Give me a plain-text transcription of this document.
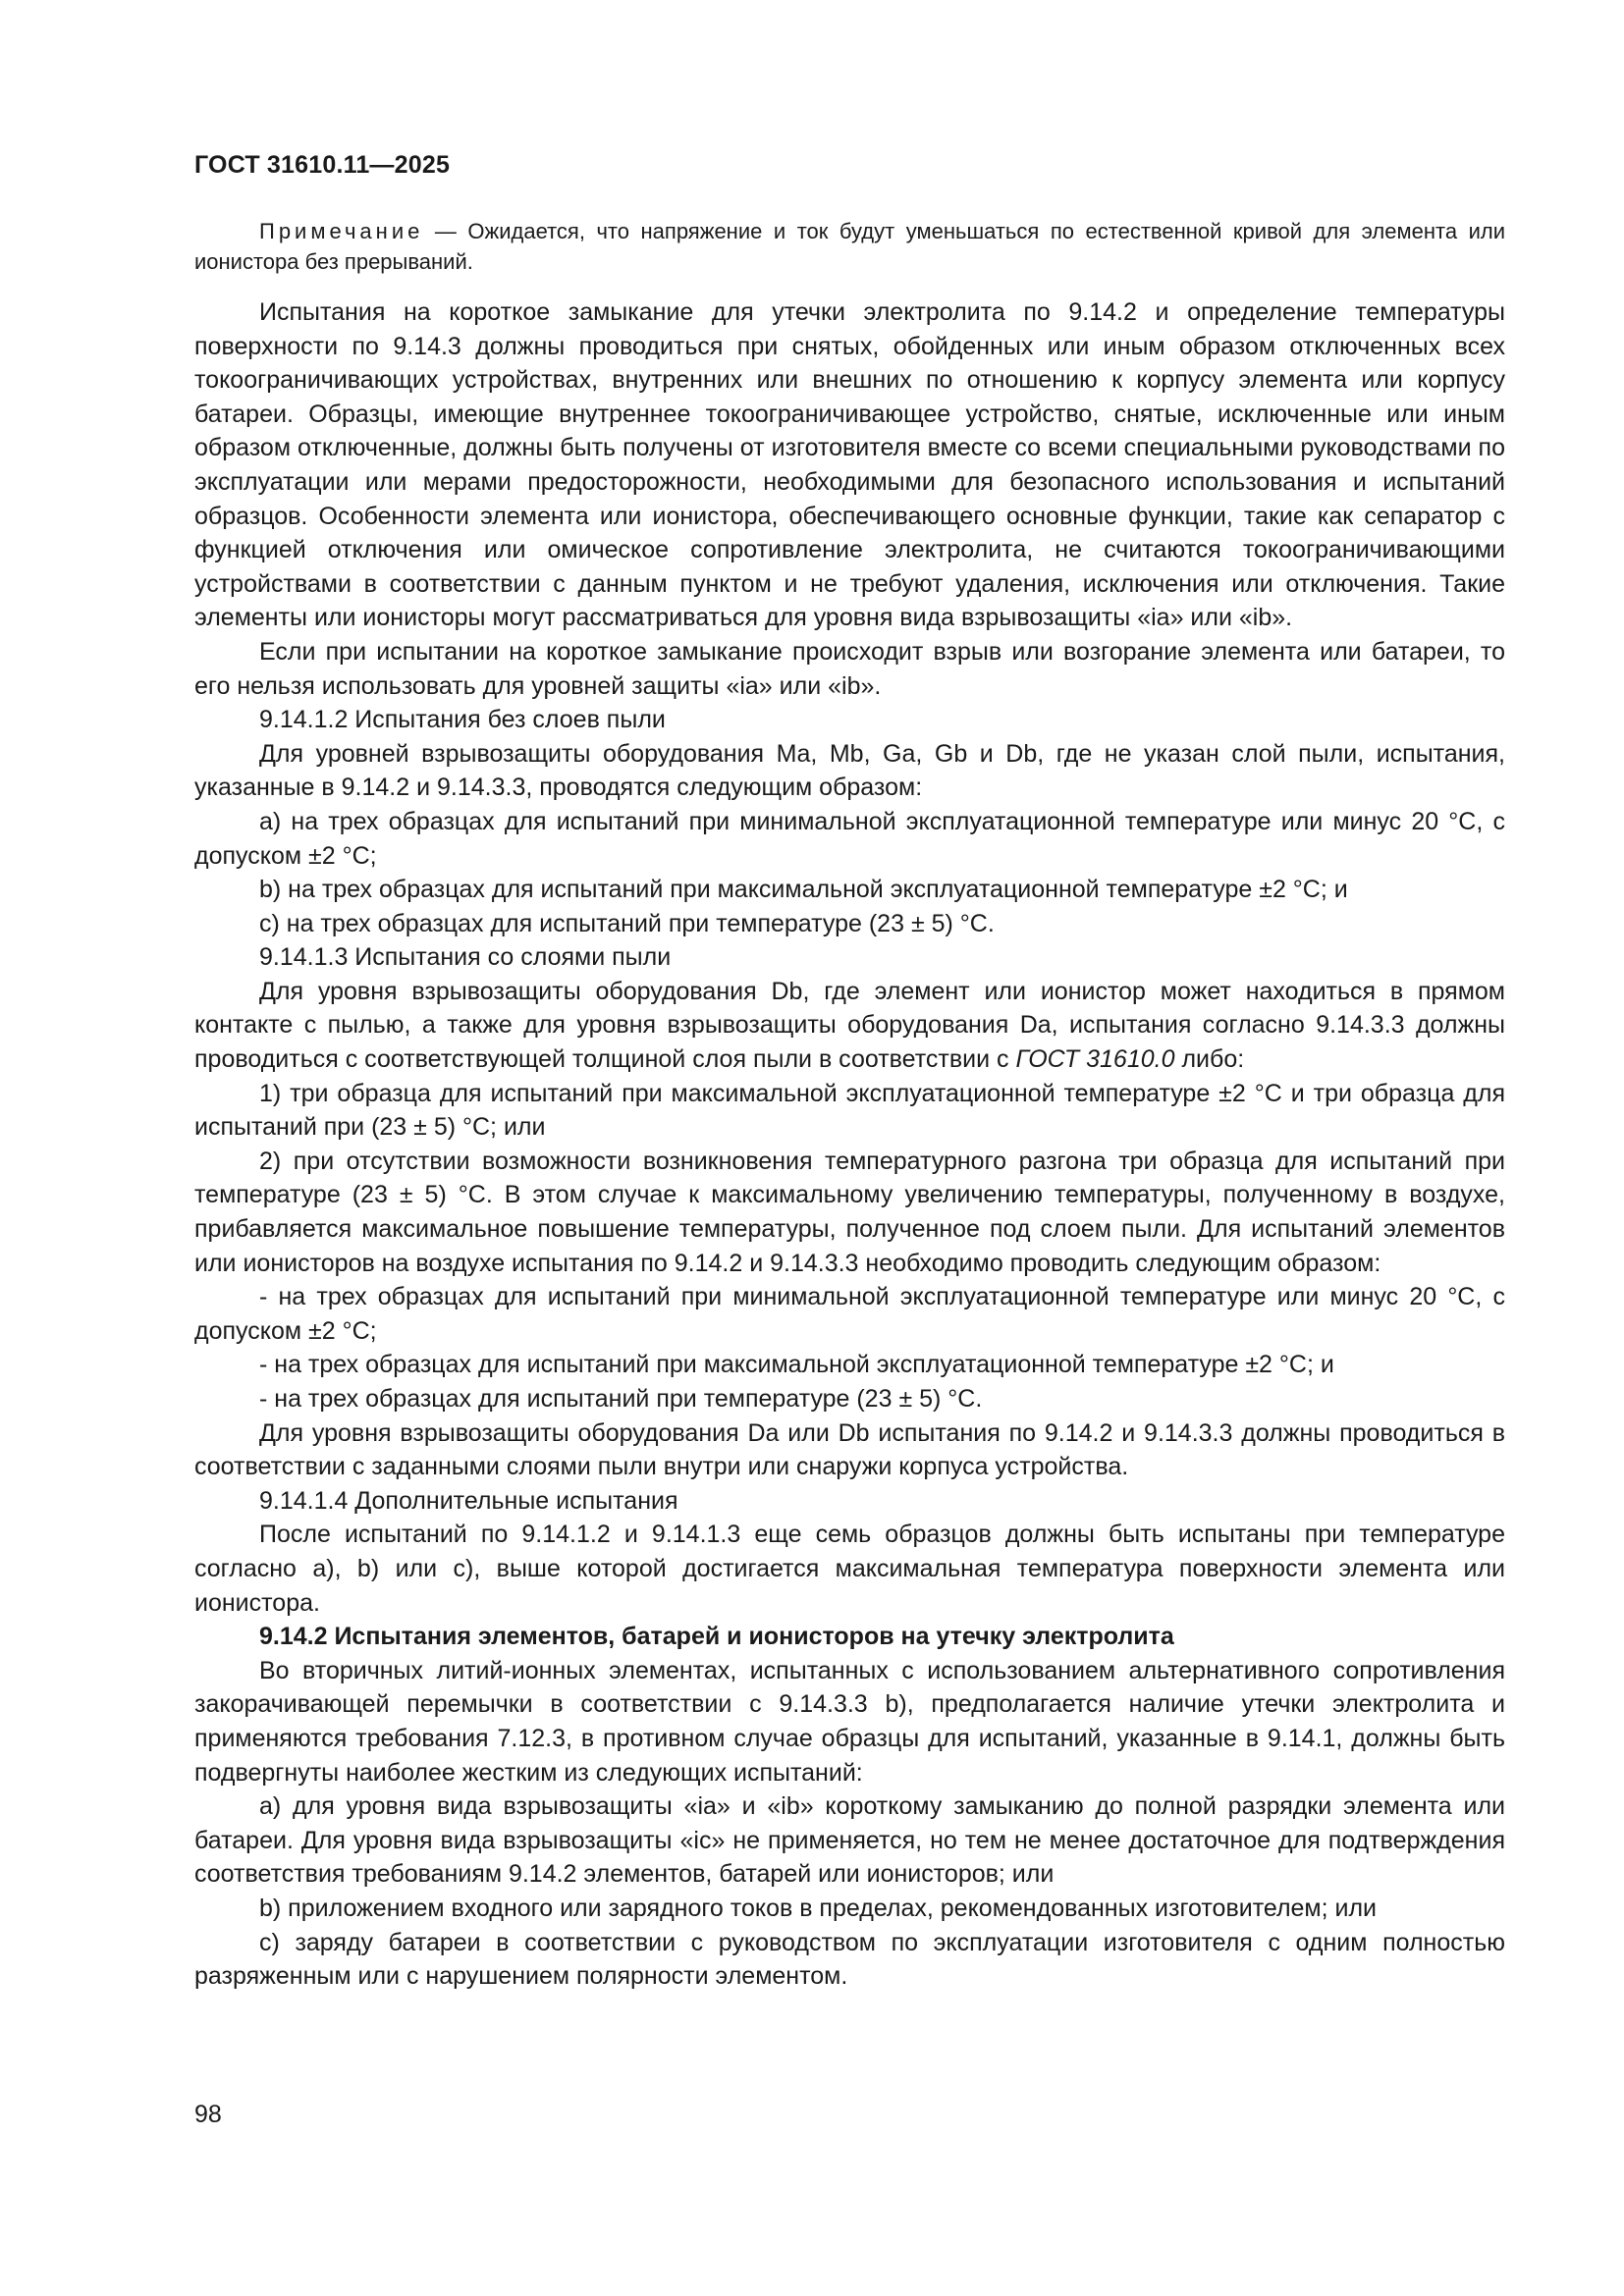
ГОСТ 31610.11—2025

Примечание — Ожидается, что напряжение и ток будут уменьшаться по естественной кривой для элемента или ионистора без прерываний.

Испытания на короткое замыкание для утечки электролита по 9.14.2 и определение температуры поверхности по 9.14.3 должны проводиться при снятых, обойденных или иным образом отключенных всех токоограничивающих устройствах, внутренних или внешних по отношению к корпусу элемента или корпусу батареи. Образцы, имеющие внутреннее токоограничивающее устройство, снятые, исключенные или иным образом отключенные, должны быть получены от изготовителя вместе со всеми специальными руководствами по эксплуатации или мерами предосторожности, необходимыми для безопасного использования и испытаний образцов. Особенности элемента или ионистора, обеспечивающего основные функции, такие как сепаратор с функцией отключения или омическое сопротивление электролита, не считаются токоограничивающими устройствами в соответствии с данным пунктом и не требуют удаления, исключения или отключения. Такие элементы или ионисторы могут рассматриваться для уровня вида взрывозащиты «ia» или «ib».

Если при испытании на короткое замыкание происходит взрыв или возгорание элемента или батареи, то его нельзя использовать для уровней защиты «ia» или «ib».

9.14.1.2 Испытания без слоев пыли

Для уровней взрывозащиты оборудования Ma, Mb, Ga, Gb и Db, где не указан слой пыли, испытания, указанные в 9.14.2 и 9.14.3.3, проводятся следующим образом:

a) на трех образцах для испытаний при минимальной эксплуатационной температуре или минус 20 °С, с допуском ±2 °С;

b) на трех образцах для испытаний при максимальной эксплуатационной температуре ±2 °С; и

c) на трех образцах для испытаний при температуре (23 ± 5) °С.

9.14.1.3 Испытания со слоями пыли

Для уровня взрывозащиты оборудования Db, где элемент или ионистор может находиться в прямом контакте с пылью, а также для уровня взрывозащиты оборудования Da, испытания согласно 9.14.3.3 должны проводиться с соответствующей толщиной слоя пыли в соответствии с ГОСТ 31610.0 либо:

1) три образца для испытаний при максимальной эксплуатационной температуре ±2 °С и три образца для испытаний при (23 ± 5) °С; или

2) при отсутствии возможности возникновения температурного разгона три образца для испытаний при температуре (23 ± 5) °С. В этом случае к максимальному увеличению температуры, полученному в воздухе, прибавляется максимальное повышение температуры, полученное под слоем пыли. Для испытаний элементов или ионисторов на воздухе испытания по 9.14.2 и 9.14.3.3 необходимо проводить следующим образом:

- на трех образцах для испытаний при минимальной эксплуатационной температуре или минус 20 °С, с допуском ±2 °С;

- на трех образцах для испытаний при максимальной эксплуатационной температуре ±2 °С; и

- на трех образцах для испытаний при температуре (23 ± 5) °С.

Для уровня взрывозащиты оборудования Da или Db испытания по 9.14.2 и 9.14.3.3 должны проводиться в соответствии с заданными слоями пыли внутри или снаружи корпуса устройства.

9.14.1.4 Дополнительные испытания

После испытаний по 9.14.1.2 и 9.14.1.3 еще семь образцов должны быть испытаны при температуре согласно a), b) или c), выше которой достигается максимальная температура поверхности элемента или ионистора.

9.14.2 Испытания элементов, батарей и ионисторов на утечку электролита

Во вторичных литий-ионных элементах, испытанных с использованием альтернативного сопротивления закорачивающей перемычки в соответствии с 9.14.3.3 b), предполагается наличие утечки электролита и применяются требования 7.12.3, в противном случае образцы для испытаний, указанные в 9.14.1, должны быть подвергнуты наиболее жестким из следующих испытаний:

a) для уровня вида взрывозащиты «ia» и «ib» короткому замыканию до полной разрядки элемента или батареи. Для уровня вида взрывозащиты «ic» не применяется, но тем не менее достаточное для подтверждения соответствия требованиям 9.14.2 элементов, батарей или ионисторов; или

b) приложением входного или зарядного токов в пределах, рекомендованных изготовителем; или

c) заряду батареи в соответствии с руководством по эксплуатации изготовителя с одним полностью разряженным или с нарушением полярности элементом.

98
